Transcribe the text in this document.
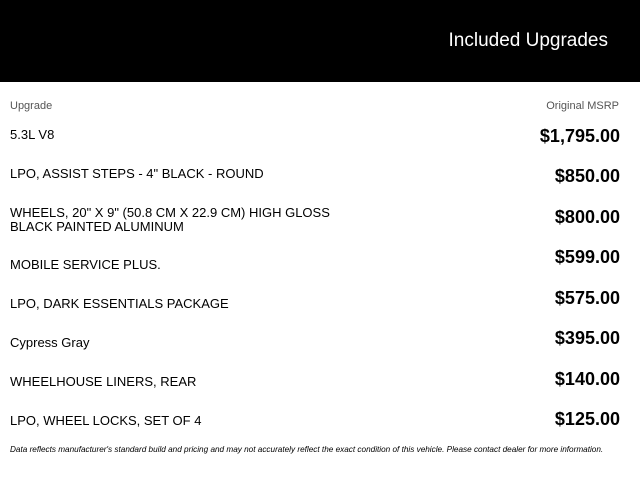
Included Upgrades
Upgrade	Original MSRP
5.3L V8	$1,795.00
LPO, ASSIST STEPS - 4" BLACK - ROUND	$850.00
WHEELS, 20" X 9" (50.8 CM X 22.9 CM) HIGH GLOSS BLACK PAINTED ALUMINUM	$800.00
MOBILE SERVICE PLUS.	$599.00
LPO, DARK ESSENTIALS PACKAGE	$575.00
Cypress Gray	$395.00
WHEELHOUSE LINERS, REAR	$140.00
LPO, WHEEL LOCKS, SET OF 4	$125.00
Data reflects manufacturer's standard build and pricing and may not accurately reflect the exact condition of this vehicle. Please contact dealer for more information.
